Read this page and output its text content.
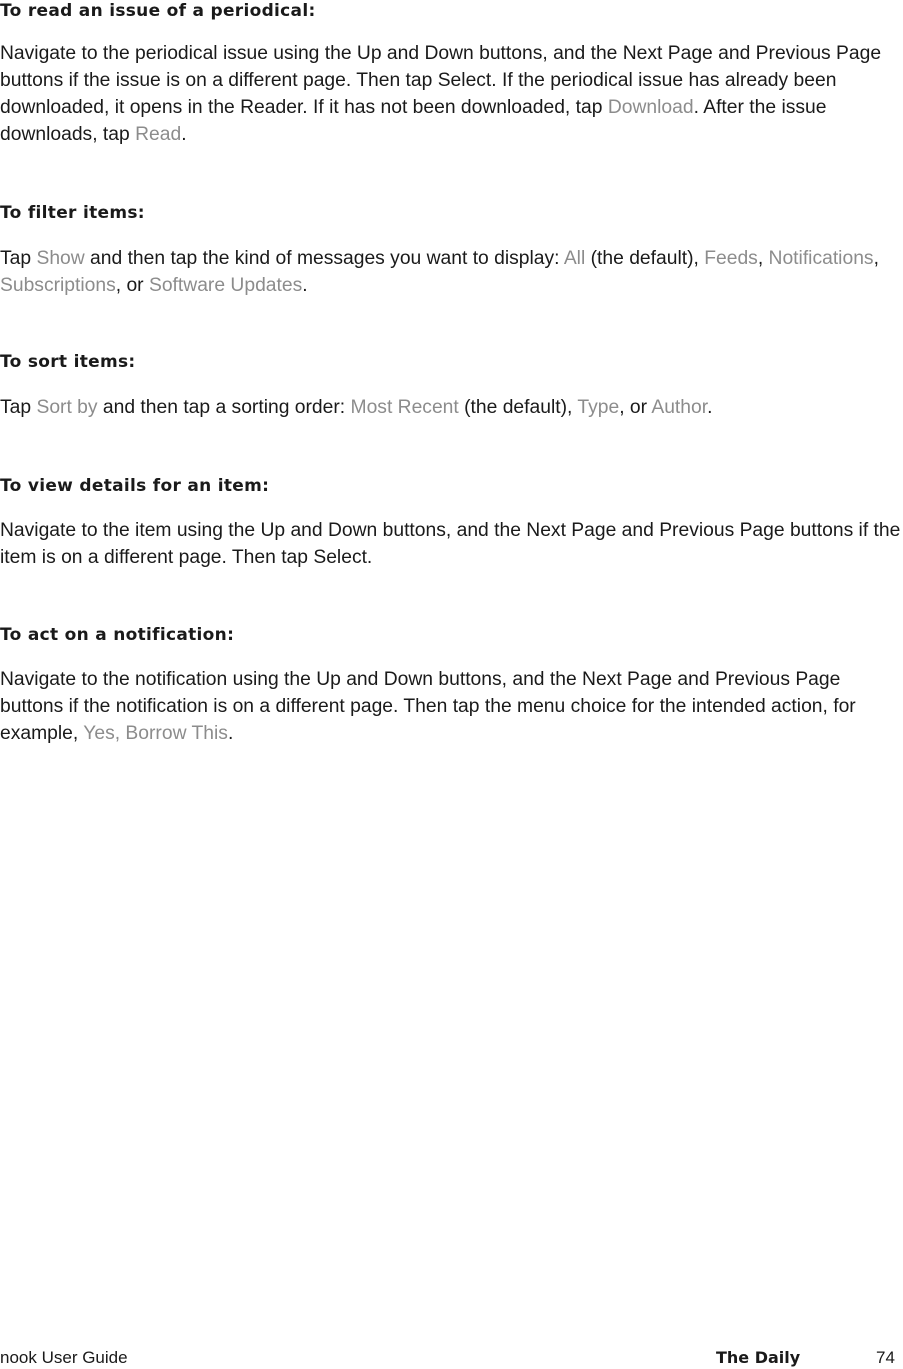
To read an issue of a periodical:

Navigate to the periodical issue using the Up and Down buttons, and the Next Page and Previous Page buttons if the issue is on a different page. Then tap Select. If the periodical issue has already been downloaded, it opens in the Reader. If it has not been downloaded, tap Download. After the issue downloads, tap Read.

To filter items:

Tap Show and then tap the kind of messages you want to display: All (the default), Feeds, Notifications, Subscriptions, or Software Updates.

To sort items:

Tap Sort by and then tap a sorting order: Most Recent (the default), Type, or Author.

To view details for an item:

Navigate to the item using the Up and Down buttons, and the Next Page and Previous Page buttons if the item is on a different page. Then tap Select.

To act on a notification:

Navigate to the notification using the Up and Down buttons, and the Next Page and Previous Page buttons if the notification is on a different page. Then tap the menu choice for the intended action, for example, Yes, Borrow This.

nook User Guide	The Daily	74
